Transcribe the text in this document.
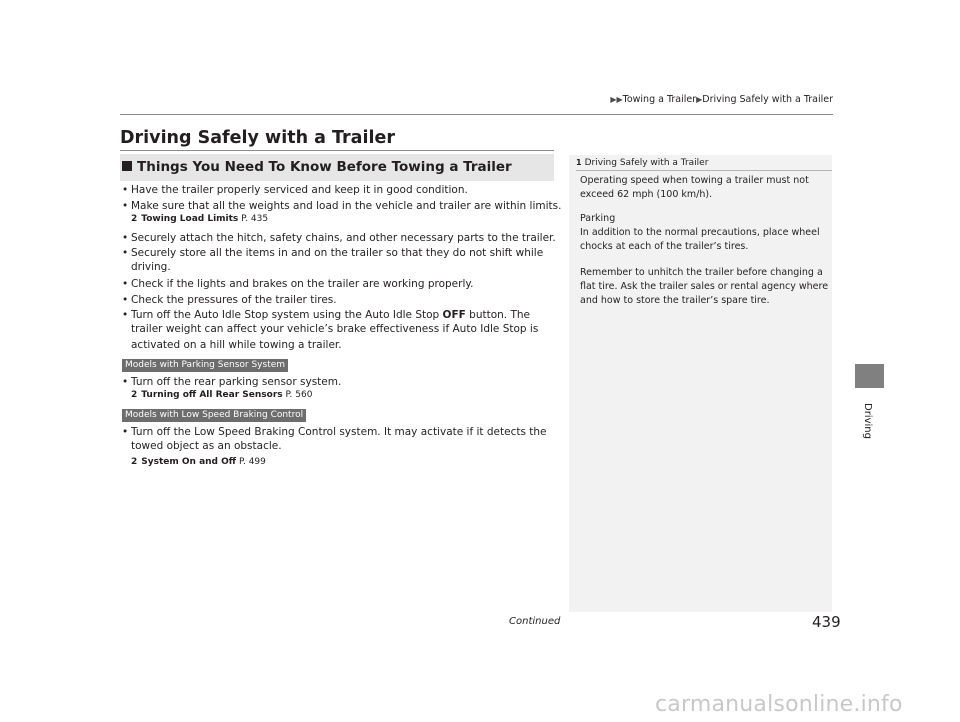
▶▶Towing a Trailer▶Driving Safely with a Trailer
Driving
Driving Safely with a Trailer
Things You Need To Know Before Towing a Trailer
• Have the trailer properly serviced and keep it in good condition.
• Make sure that all the weights and load in the vehicle and trailer are within limits.
2 Towing Load Limits P. 435
• Securely attach the hitch, safety chains, and other necessary parts to the trailer.
• Securely store all the items in and on the trailer so that they do not shift while
driving.
• Check if the lights and brakes on the trailer are working properly.
• Check the pressures of the trailer tires.
• Turn off the Auto Idle Stop system using the Auto Idle Stop OFF button. The
trailer weight can affect your vehicle’s brake effectiveness if Auto Idle Stop is
activated on a hill while towing a trailer.
Models with Parking Sensor System
• Turn off the rear parking sensor system.
2 Turning off All Rear Sensors P. 560
Models with Low Speed Braking Control
• Turn off the Low Speed Braking Control system. It may activate if it detects the
towed object as an obstacle.
2 System On and Off P. 499
1 Driving Safely with a Trailer
Operating speed when towing a trailer must not
exceed 62 mph (100 km/h).
Parking
In addition to the normal precautions, place wheel
chocks at each of the trailer’s tires.
Remember to unhitch the trailer before changing a
flat tire. Ask the trailer sales or rental agency where
and how to store the trailer’s spare tire.
Continued	439
carmanualsonline.info
